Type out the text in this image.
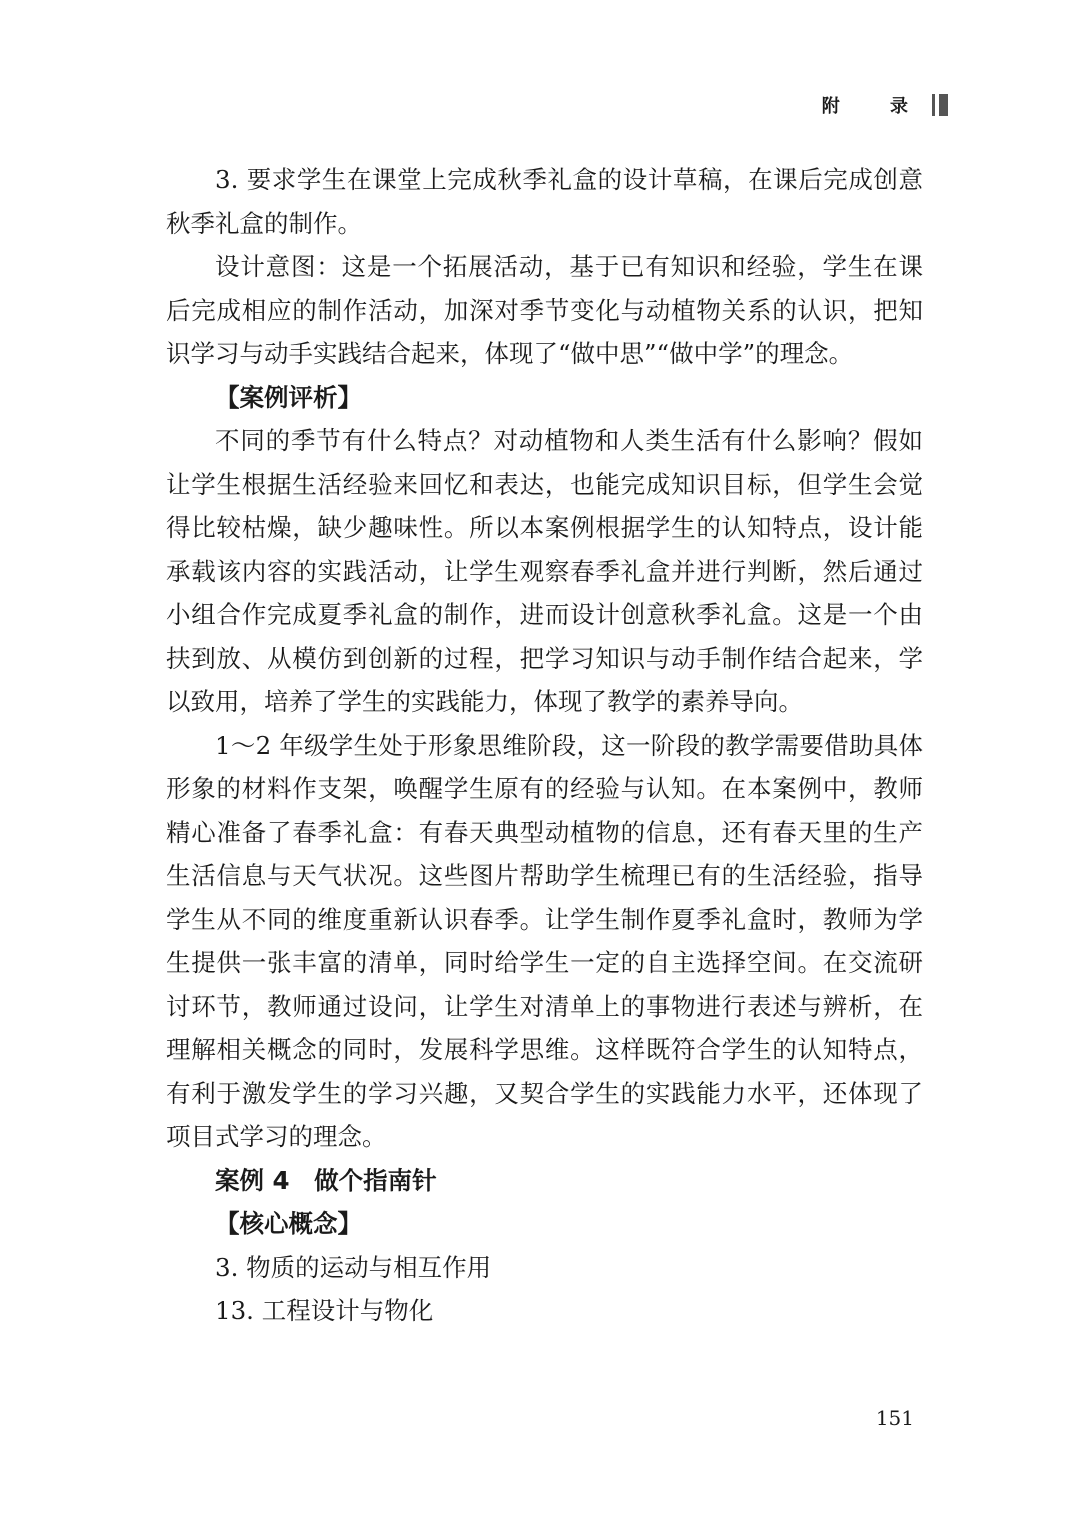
附 录

3. 要求学生在课堂上完成秋季礼盒的设计草稿，在课后完成创意秋季礼盒的制作。

设计意图：这是一个拓展活动，基于已有知识和经验，学生在课后完成相应的制作活动，加深对季节变化与动植物关系的认识，把知识学习与动手实践结合起来，体现了“做中思”“做中学”的理念。

【案例评析】

不同的季节有什么特点？对动植物和人类生活有什么影响？假如让学生根据生活经验来回忆和表达，也能完成知识目标，但学生会觉得比较枯燥，缺少趣味性。所以本案例根据学生的认知特点，设计能承载该内容的实践活动，让学生观察春季礼盒并进行判断，然后通过小组合作完成夏季礼盒的制作，进而设计创意秋季礼盒。这是一个由扶到放、从模仿到创新的过程，把学习知识与动手制作结合起来，学以致用，培养了学生的实践能力，体现了教学的素养导向。

1～2 年级学生处于形象思维阶段，这一阶段的教学需要借助具体形象的材料作支架，唤醒学生原有的经验与认知。在本案例中，教师精心准备了春季礼盒：有春天典型动植物的信息，还有春天里的生产生活信息与天气状况。这些图片帮助学生梳理已有的生活经验，指导学生从不同的维度重新认识春季。让学生制作夏季礼盒时，教师为学生提供一张丰富的清单，同时给学生一定的自主选择空间。在交流研讨环节，教师通过设问，让学生对清单上的事物进行表述与辨析，在理解相关概念的同时，发展科学思维。这样既符合学生的认知特点，有利于激发学生的学习兴趣，又契合学生的实践能力水平，还体现了项目式学习的理念。

案例 4　做个指南针

【核心概念】

3. 物质的运动与相互作用

13. 工程设计与物化

151
